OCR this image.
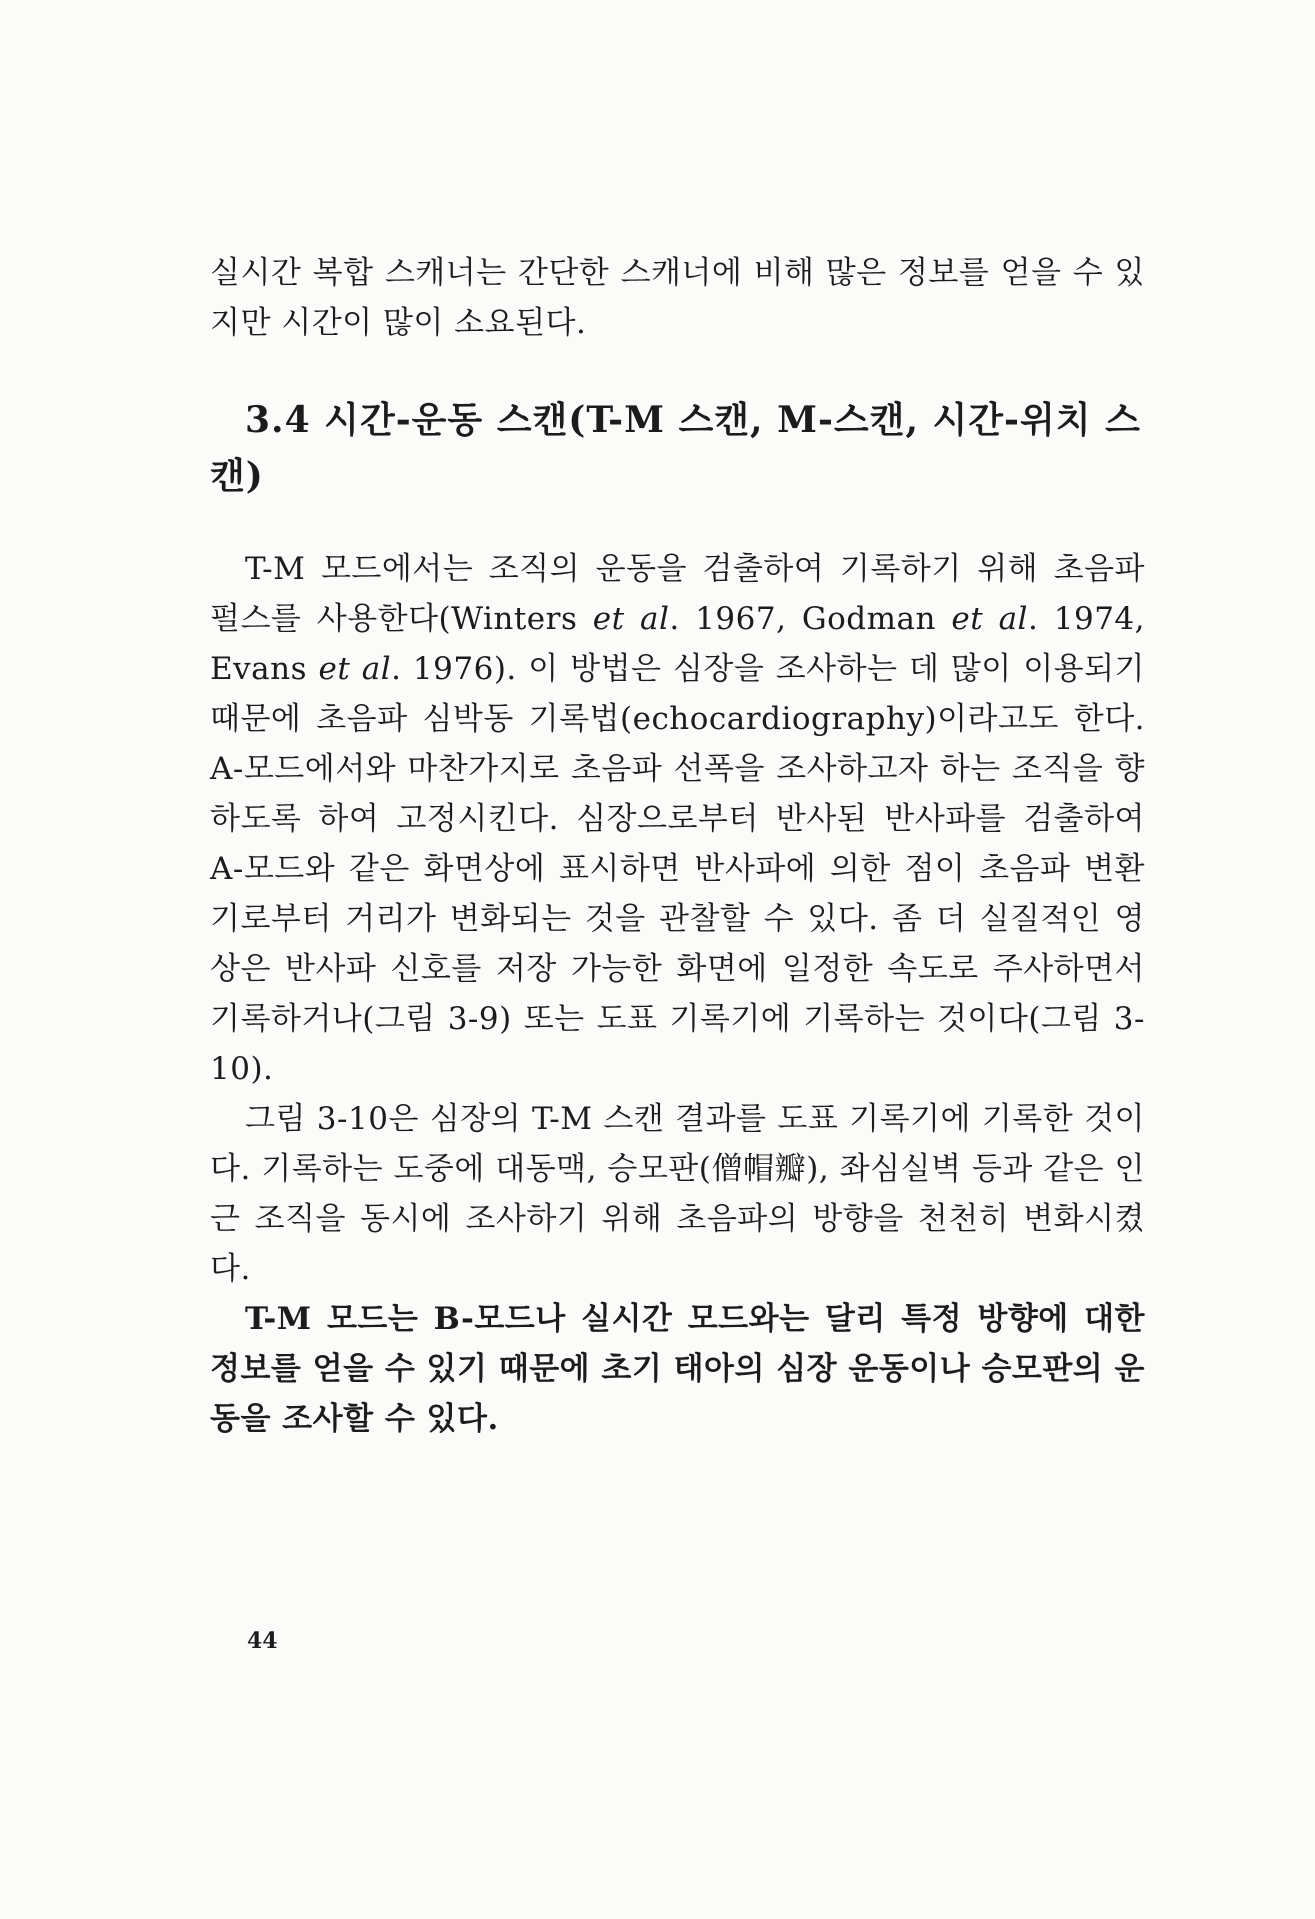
실시간 복합 스캐너는 간단한 스캐너에 비해 많은 정보를 얻을 수 있지만 시간이 많이 소요된다.

3.4 시간-운동 스캔(T-M 스캔, M-스캔, 시간-위치 스캔)

T-M 모드에서는 조직의 운동을 검출하여 기록하기 위해 초음파 펄스를 사용한다(Winters et al. 1967, Godman et al. 1974, Evans et al. 1976). 이 방법은 심장을 조사하는 데 많이 이용되기 때문에 초음파 심박동 기록법(echocardiography)이라고도 한다. A-모드에서와 마찬가지로 초음파 선폭을 조사하고자 하는 조직을 향하도록 하여 고정시킨다. 심장으로부터 반사된 반사파를 검출하여 A-모드와 같은 화면상에 표시하면 반사파에 의한 점이 초음파 변환기로부터 거리가 변화되는 것을 관찰할 수 있다. 좀 더 실질적인 영상은 반사파 신호를 저장 가능한 화면에 일정한 속도로 주사하면서 기록하거나(그림 3-9) 또는 도표 기록기에 기록하는 것이다(그림 3-10).

그림 3-10은 심장의 T-M 스캔 결과를 도표 기록기에 기록한 것이다. 기록하는 도중에 대동맥, 승모판(僧帽瓣), 좌심실벽 등과 같은 인근 조직을 동시에 조사하기 위해 초음파의 방향을 천천히 변화시켰다.

T-M 모드는 B-모드나 실시간 모드와는 달리 특정 방향에 대한 정보를 얻을 수 있기 때문에 초기 태아의 심장 운동이나 승모판의 운동을 조사할 수 있다.

44
